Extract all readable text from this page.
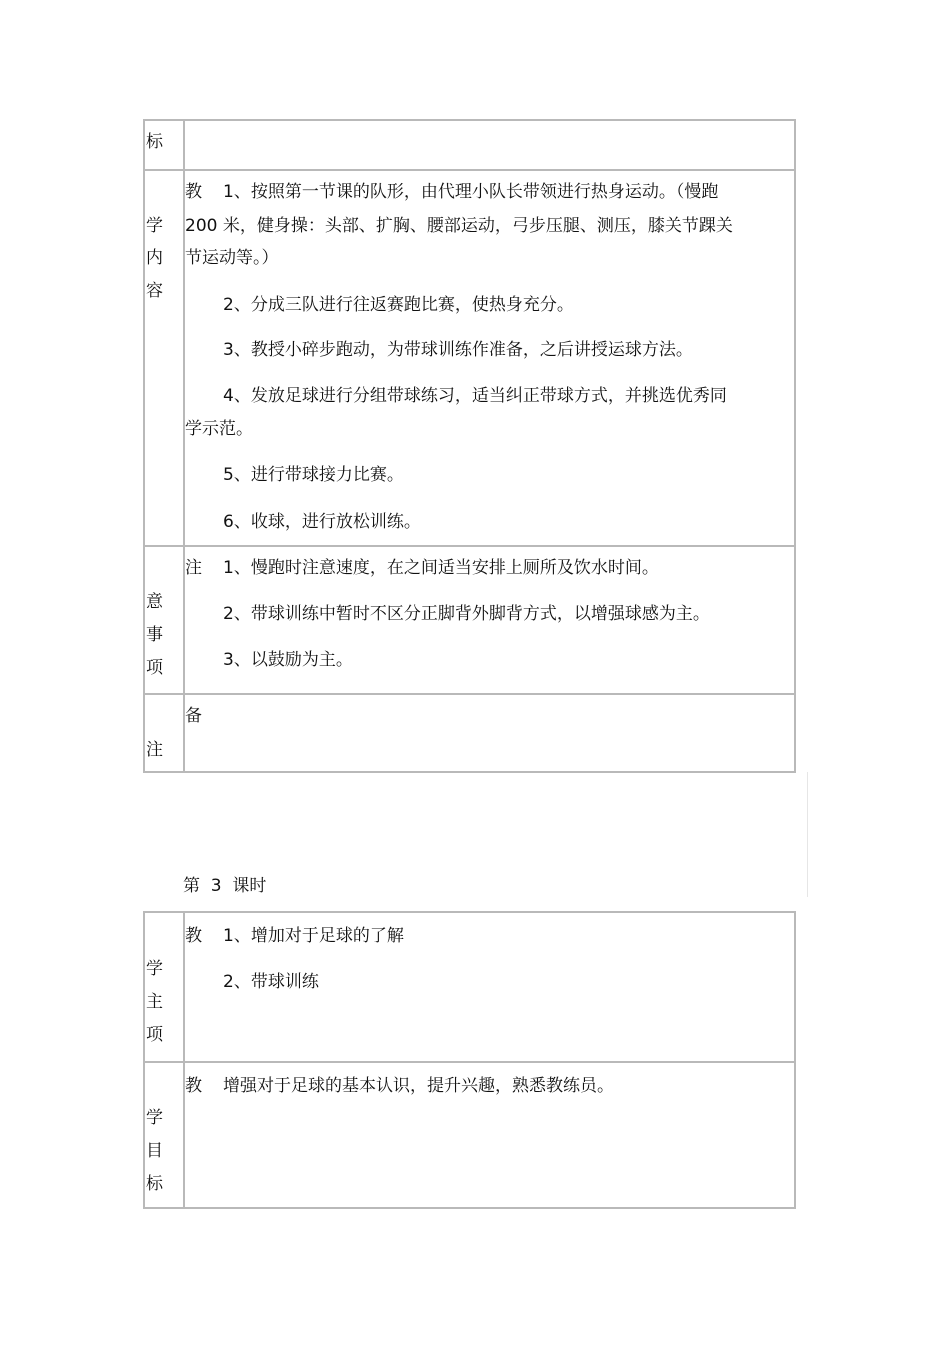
标
学
内
容
教 1、按照第一节课的队形，由代理小队长带领进行热身运动。（慢跑
200 米，健身操：头部、扩胸、腰部运动，弓步压腿、测压，膝关节踝关
节运动等。）
2、分成三队进行往返赛跑比赛，使热身充分。
3、教授小碎步跑动，为带球训练作准备，之后讲授运球方法。
4、发放足球进行分组带球练习，适当纠正带球方式，并挑选优秀同
学示范。
5、进行带球接力比赛。
6、收球，进行放松训练。
意
事
项
注 1、慢跑时注意速度，在之间适当安排上厕所及饮水时间。
2、带球训练中暂时不区分正脚背外脚背方式，以增强球感为主。
3、以鼓励为主。
注
备
第  3  课时
学
主
项
教 1、增加对于足球的了解
2、带球训练
学
目
标
教 增强对于足球的基本认识，提升兴趣，熟悉教练员。
